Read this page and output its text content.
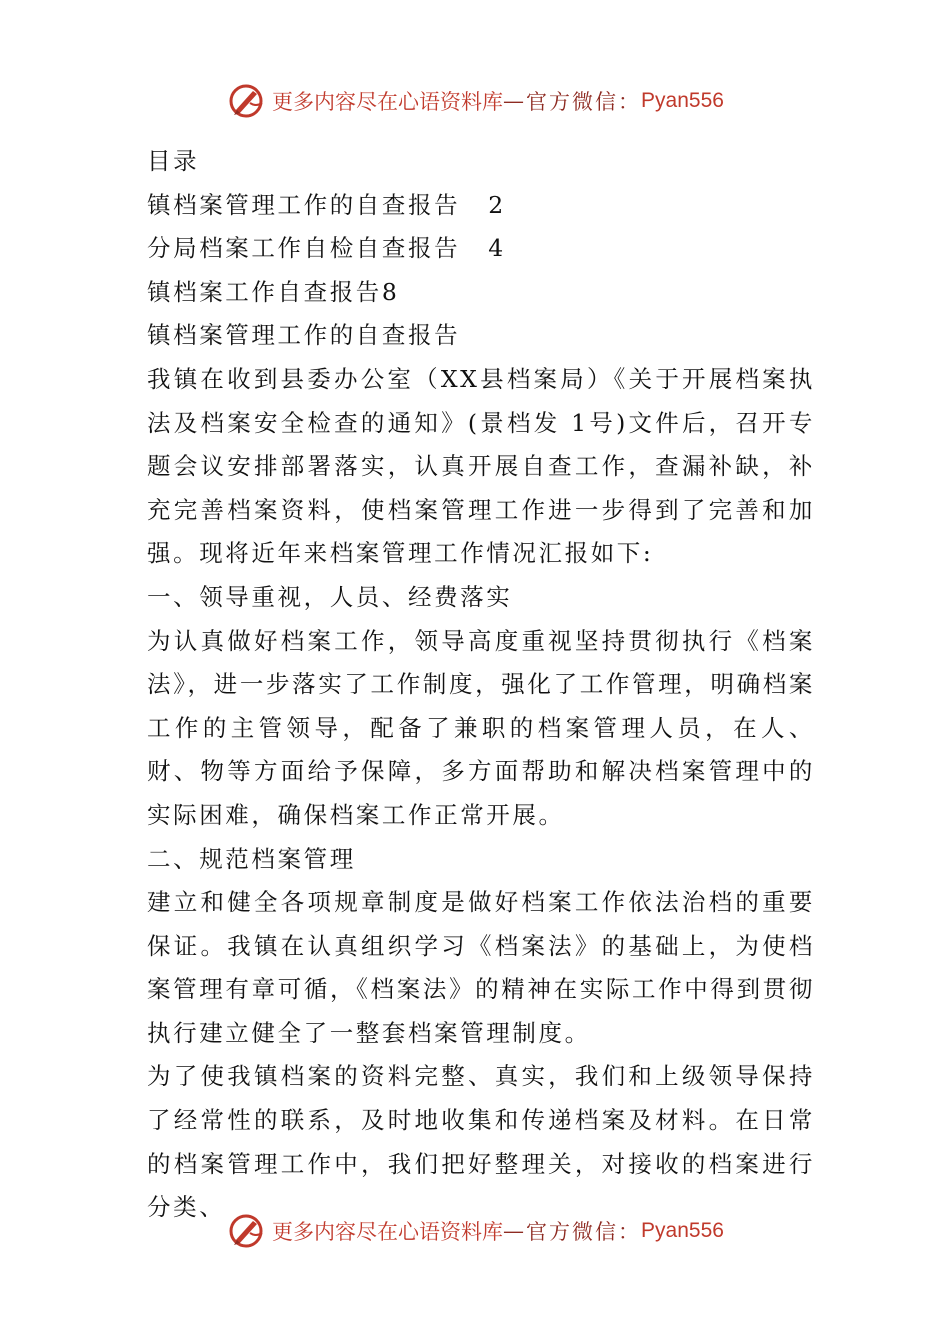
更多内容尽在心语资料库 — 官方微信： Pyan556
目录
镇档案管理工作的自查报告 2
分局档案工作自检自查报告 4
镇档案工作自查报告8
镇档案管理工作的自查报告

我镇在收到县委办公室（XX县档案局）《关于开展档案执法及档案安全检查的通知》(景档发 1号)文件后，召开专题会议安排部署落实，认真开展自查工作，查漏补缺，补充完善档案资料，使档案管理工作进一步得到了完善和加强。现将近年来档案管理工作情况汇报如下:

一、领导重视，人员、经费落实

为认真做好档案工作，领导高度重视坚持贯彻执行《档案法》，进一步落实了工作制度，强化了工作管理，明确档案工作的主管领导，配备了兼职的档案管理人员，在人、财、物等方面给予保障，多方面帮助和解决档案管理中的实际困难，确保档案工作正常开展。

二、规范档案管理

建立和健全各项规章制度是做好档案工作依法治档的重要保证。我镇在认真组织学习《档案法》的基础上，为使档案管理有章可循，《档案法》的精神在实际工作中得到贯彻执行建立健全了一整套档案管理制度。

为了使我镇档案的资料完整、真实，我们和上级领导保持了经常性的联系，及时地收集和传递档案及材料。在日常的档案管理工作中，我们把好整理关，对接收的档案进行分类、

更多内容尽在心语资料库 — 官方微信： Pyan556
